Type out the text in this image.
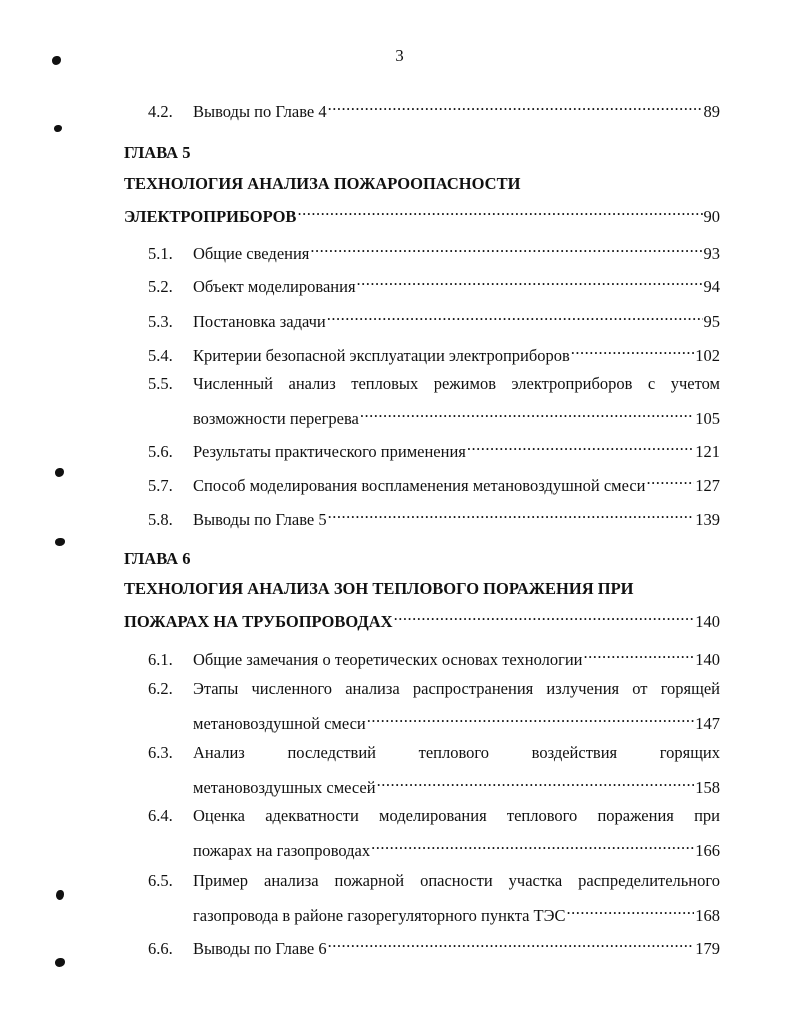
3
4.2.	Выводы по Главе 4 .....	89
ГЛАВА 5
ТЕХНОЛОГИЯ АНАЛИЗА ПОЖАРООПАСНОСТИ
ЭЛЕКТРОПРИБОРОВ .....	90
5.1.	Общие сведения .....	93
5.2.	Объект моделирования .....	94
5.3.	Постановка задачи .....	95
5.4.	Критерии безопасной эксплуатации электроприборов .....	102
5.5.	Численный анализ тепловых режимов электроприборов с учетом
возможности перегрева .....	105
5.6.	Результаты практического применения .....	121
5.7.	Способ моделирования воспламенения метановоздушной смеси .....	127
5.8.	Выводы по Главе 5 .....	139
ГЛАВА 6
ТЕХНОЛОГИЯ АНАЛИЗА ЗОН ТЕПЛОВОГО ПОРАЖЕНИЯ ПРИ
ПОЖАРАХ НА ТРУБОПРОВОДАХ .....	140
6.1.	Общие замечания о теоретических основах технологии .....	140
6.2.	Этапы численного анализа распространения излучения от горящей
метановоздушной смеси .....	147
6.3.	Анализ последствий теплового воздействия горящих
метановоздушных смесей .....	158
6.4.	Оценка адекватности моделирования теплового поражения при
пожарах на газопроводах .....	166
6.5.	Пример анализа пожарной опасности участка распределительного
газопровода в районе газорегуляторного пункта ТЭС .....	168
6.6.	Выводы по Главе 6 .....	179
